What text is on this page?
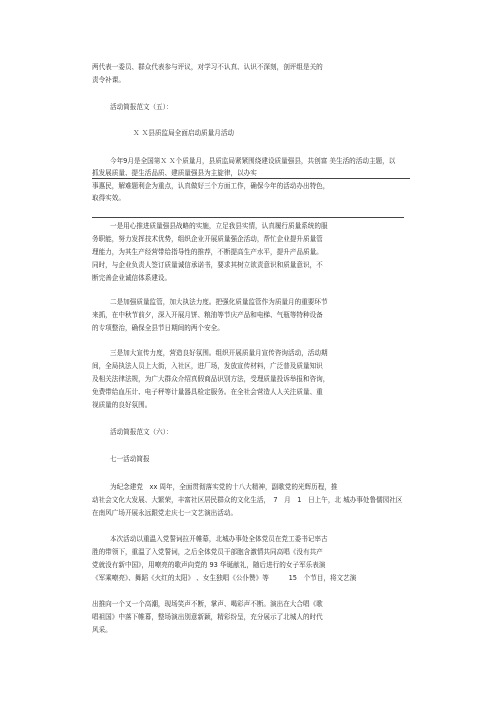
两代表一委员、群众代表参与评议，对学习不认真、认识不深刻，剖评组是关的
责令补课。
活动简报范文（五）：
Ｘ Ｘ县质监局全面启动质量月活动
今年9月是全国第Ｘ Ｘ个质量月，县质监局紧紧围绕建设质量强县，共创富 美生活的活动主题，以
抓发展质量、提生活品质、建质量强县为主旋律，以办实
事惠民，解难题利企为重点，认真做好三个方面工作，确保今年的活动办出特色，
取得实效。
一是用心推进质量强县战略的实施，立足我县实情，认真履行质量系统的服
务职能，努力发挥技术优势，组织企业开展质量强企活动，帮忙企业提升质量管
理能力，为其生产经营带给指导性的推荐，不断提高生产水平，提升产品质量。
同时，与企业负责人签订质量诚信承诺书，要求其树立欲责意识和质量意识，不
断完善企业诚信体系建设。
二是加强质量监管，加大执法力度。把强化质量监管作为质量月的重要环节
来抓，在中秋节前夕，深入开展月饼、粮油等节庆产品和电梯、气瓶等特种设备
的专项整治，确保全县节日期间的两个安全。
三是加大宣传力度，营造良好氛围。组织开展质量月宣传咨询活动，活动期
间，全局执法人员上大街，入社区，进厂场，发放宣传材料，广泛普及质量知识
及相关法律法规，为广大群众介绍真假商品识别方法，受理质量投诉举报和咨询，
免费带给血压计、电子秤等计量器具检定服务。在全社会营造人人关注质量、重
视质量的良好氛围。
活动简报范文（六）：
七一活动简报
为纪念建党　xx 周年，全面贯彻落实党的十八大精神，副歌党的光辉历程，推
动社会文化大发展、大繁荣，丰富社区居民群众的文化生活，　7　月　1　日上午，北 城办事处鲁儒园社区
在南风广场开展永远跟党走庆七一文艺演出活动。
本次活动以重温入党誓词拉开帷幕，北城办事处全体党员在党工委书记率古
胜的带领下，重温了入党誓词，之后全体党员干部胞含激情共同高唱《没有共产
党就没有新中国》，用嘹亮的歌声向党的 93 华诞献礼，随后进行的女子军乐表演
《军乘嘹亮》、舞蹈《火红的太阳》 、女生独唱《公仆赞》等　　　15　个节目，将文艺演
出推向一个又一个高潮，现场笑声不断，掌声、喝彩声不断。演出在大合唱《歌
唱祖国》中落下帷幕，整场演出别意新颖，精彩纷呈，充分展示了北城人的时代
风采。
